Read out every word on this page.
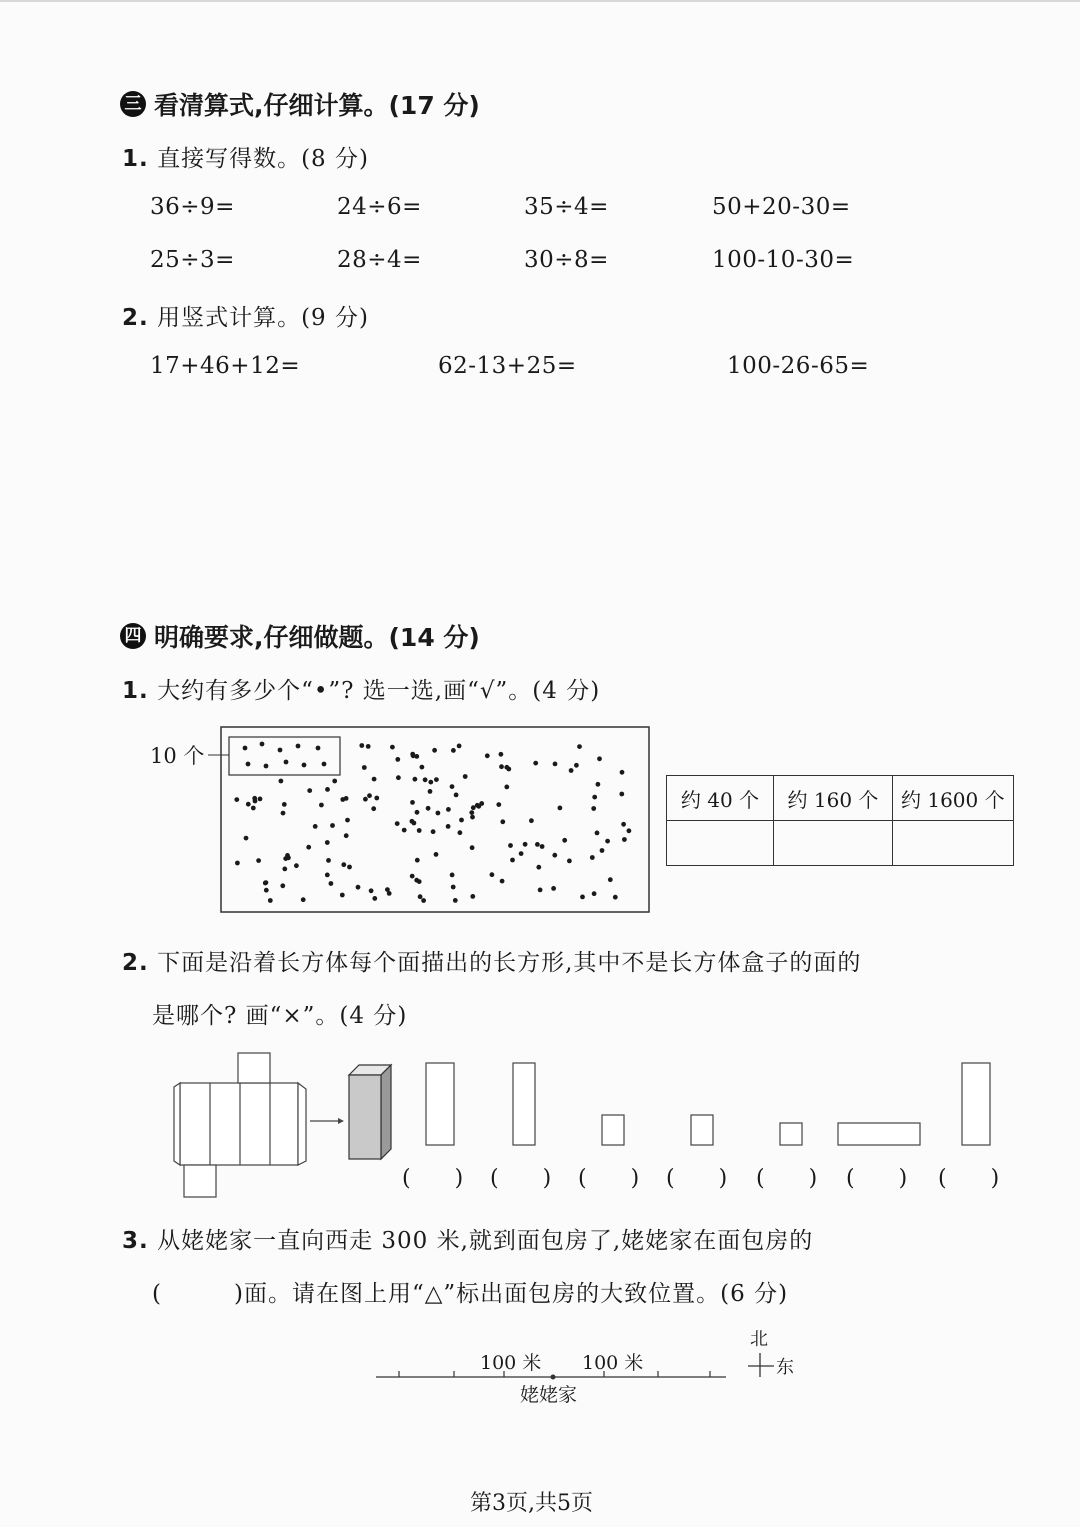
三 看清算式,仔细计算。(17 分)
1. 直接写得数。(8 分)
36÷9=	24÷6=	35÷4=	50+20-30=
25÷3=	28÷4=	30÷8=	100-10-30=
2. 用竖式计算。(9 分)
17+46+12=	62-13+25=	100-26-65=
四 明确要求,仔细做题。(14 分)
1. 大约有多少个“•”? 选一选,画“√”。(4 分)
10 个
约 40 个	约 160 个	约 1600 个

2. 下面是沿着长方体每个面描出的长方形,其中不是长方体盒子的面的
是哪个? 画“×”。(4 分)
(　　) (　　) (　　) (　　) (　　) (　　) (　　)
3. 从姥姥家一直向西走 300 米,就到面包房了,姥姥家在面包房的
(　　　)面。请在图上用“△”标出面包房的大致位置。(6 分)
100 米 100 米
姥姥家
北
东
第3页,共5页
